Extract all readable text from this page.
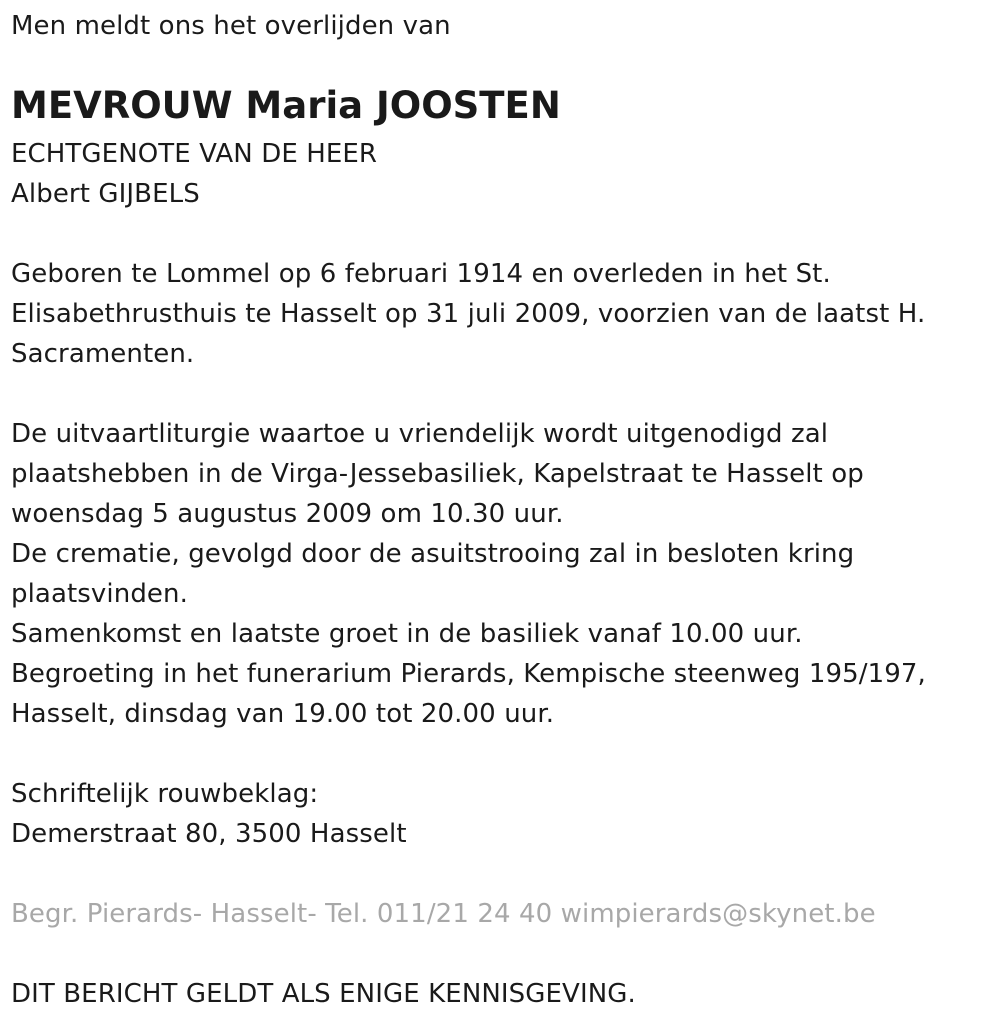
Men meldt ons het overlijden van
MEVROUW Maria JOOSTEN
ECHTGENOTE VAN DE HEER
Albert GIJBELS
Geboren te Lommel op 6 februari 1914 en overleden in het St.
Elisabethrusthuis te Hasselt op 31 juli 2009, voorzien van de laatst H.
Sacramenten.
De uitvaartliturgie waartoe u vriendelijk wordt uitgenodigd zal
plaatshebben in de Virga-Jessebasiliek, Kapelstraat te Hasselt op
woensdag 5 augustus 2009 om 10.30 uur.
De crematie, gevolgd door de asuitstrooing zal in besloten kring
plaatsvinden.
Samenkomst en laatste groet in de basiliek vanaf 10.00 uur.
Begroeting in het funerarium Pierards, Kempische steenweg 195/197,
Hasselt, dinsdag van 19.00 tot 20.00 uur.
Schriftelijk rouwbeklag:
Demerstraat 80, 3500 Hasselt
Begr. Pierards- Hasselt- Tel. 011/21 24 40 wimpierards@skynet.be
DIT BERICHT GELDT ALS ENIGE KENNISGEVING.
